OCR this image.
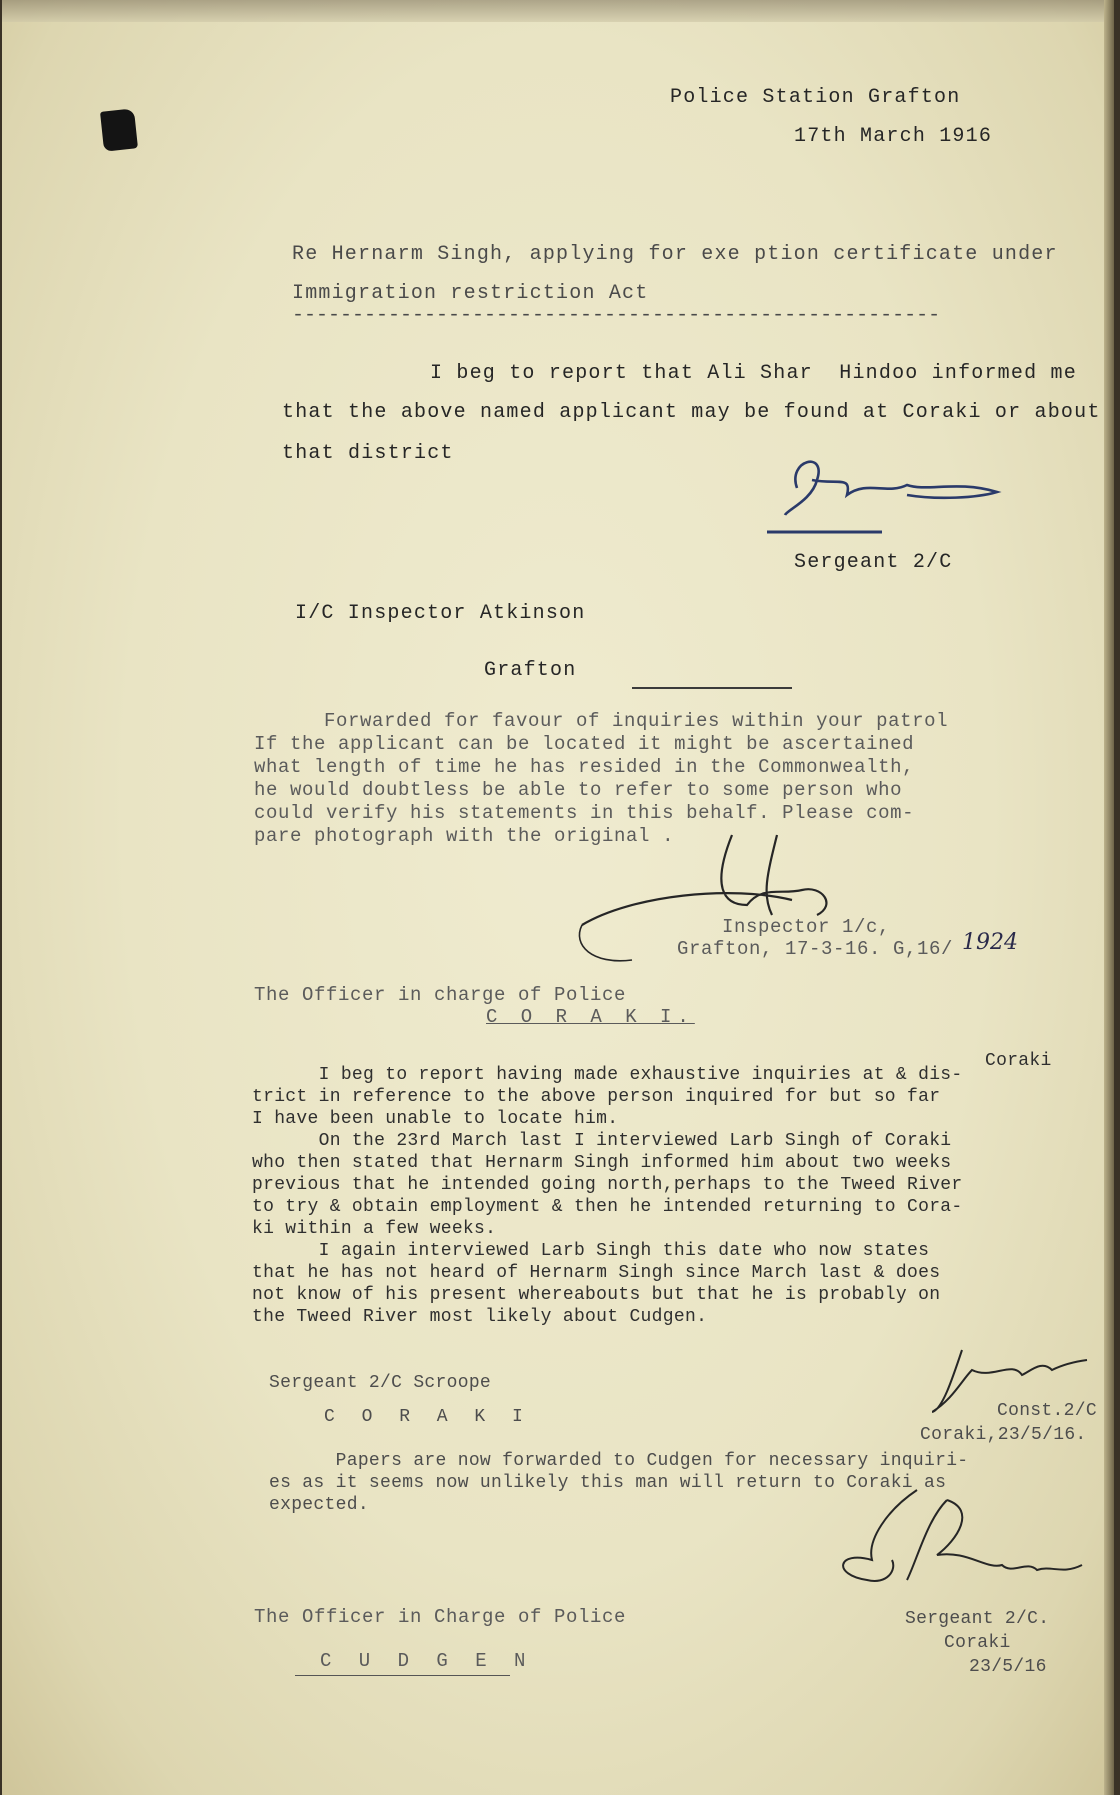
Police Station Grafton
17th March 1916
Re Hernarm Singh, applying for exe ption certificate under
Immigration restriction Act
------------------------------------------------------
I beg to report that Ali Shar  Hindoo informed me
that the above named applicant may be found at Coraki or about
that district
Sergeant 2/C
I/C Inspector Atkinson
Grafton
Forwarded for favour of inquiries within your patrol
If the applicant can be located it might be ascertained
what length of time he has resided in the Commonwealth,
he would doubtless be able to refer to some person who
could verify his statements in this behalf. Please com-
pare photograph with the original .
Inspector 1/c,
Grafton, 17-3-16. G,16/ 1924
The Officer in charge of Police
C O R A K I.
Coraki
I beg to report having made exhaustive inquiries at & dis-
trict in reference to the above person inquired for but so far
I have been unable to locate him.
On the 23rd March last I interviewed Larb Singh of Coraki
who then stated that Hernarm Singh informed him about two weeks
previous that he intended going north,perhaps to the Tweed River
to try & obtain employment & then he intended returning to Cora-
ki within a few weeks.
I again interviewed Larb Singh this date who now states
that he has not heard of Hernarm Singh since March last & does
not know of his present whereabouts but that he is probably on
the Tweed River most likely about Cudgen.
Const.2/C
Coraki,23/5/16.
Sergeant 2/C Scroope
C O R A K I
Papers are now forwarded to Cudgen for necessary inquiri-
es as it seems now unlikely this man will return to Coraki as
expected.
Sergeant 2/C.
Coraki
23/5/16
The Officer in Charge of Police
C U D G E N
